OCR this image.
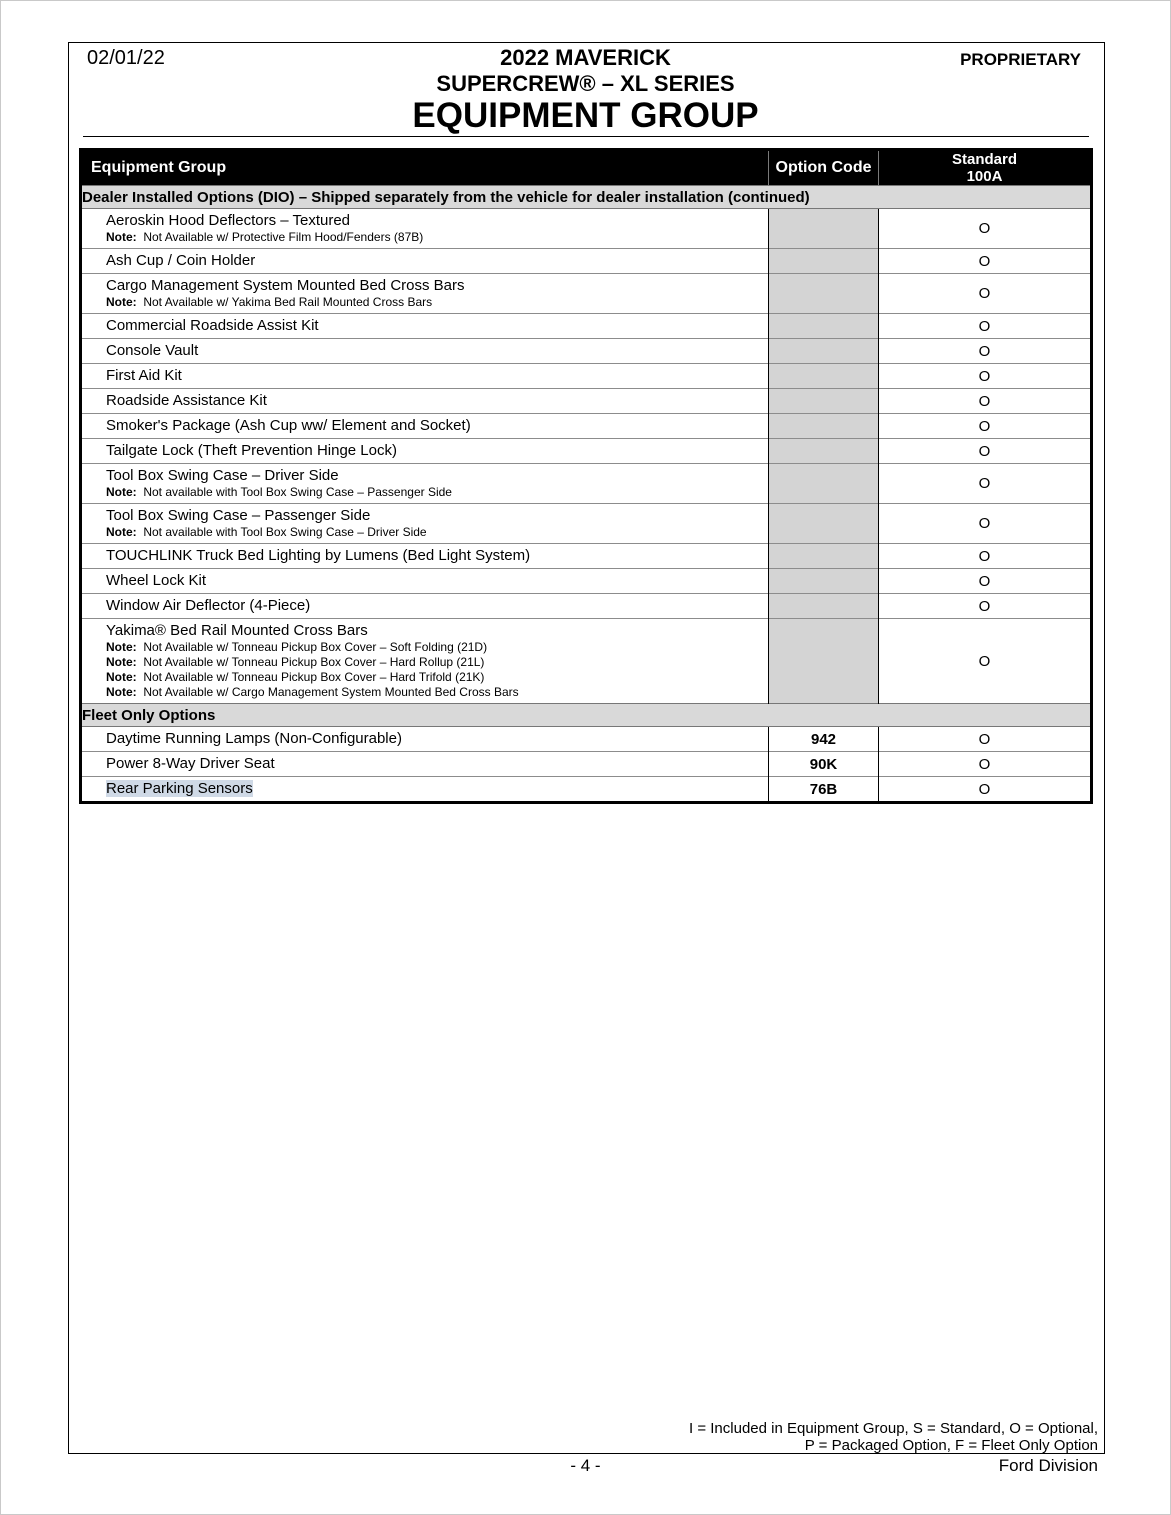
02/01/22	PROPRIETARY
2022 MAVERICK
SUPERCREW® – XL SERIES
EQUIPMENT GROUP
Equipment Group	Option Code	Standard
100A

Dealer Installed Options (DIO) – Shipped separately from the vehicle for dealer installation (continued)		
Aeroskin Hood Deflectors – Textured
Note: Not Available w/ Protective Film Hood/Fenders (87B)		O
Ash Cup / Coin Holder		O
Cargo Management System Mounted Bed Cross Bars
Note: Not Available w/ Yakima Bed Rail Mounted Cross Bars		O
Commercial Roadside Assist Kit		O
Console Vault		O
First Aid Kit		O
Roadside Assistance Kit		O
Smoker's Package (Ash Cup ww/ Element and Socket)		O
Tailgate Lock (Theft Prevention Hinge Lock)		O
Tool Box Swing Case – Driver Side
Note: Not available with Tool Box Swing Case – Passenger Side		O
Tool Box Swing Case – Passenger Side
Note: Not available with Tool Box Swing Case – Driver Side		O
TOUCHLINK Truck Bed Lighting by Lumens (Bed Light System)		O
Wheel Lock Kit		O
Window Air Deflector (4-Piece)		O
Yakima® Bed Rail Mounted Cross Bars
Note: Not Available w/ Tonneau Pickup Box Cover – Soft Folding (21D)
Note: Not Available w/ Tonneau Pickup Box Cover – Hard Rollup (21L)
Note: Not Available w/ Tonneau Pickup Box Cover – Hard Trifold (21K)
Note: Not Available w/ Cargo Management System Mounted Bed Cross Bars		O
Fleet Only Options		
Daytime Running Lamps (Non-Configurable)	942	O
Power 8-Way Driver Seat	90K	O
Rear Parking Sensors	76B	O
I = Included in Equipment Group, S = Standard, O = Optional,
P = Packaged Option, F = Fleet Only Option
- 4 -	Ford Division
